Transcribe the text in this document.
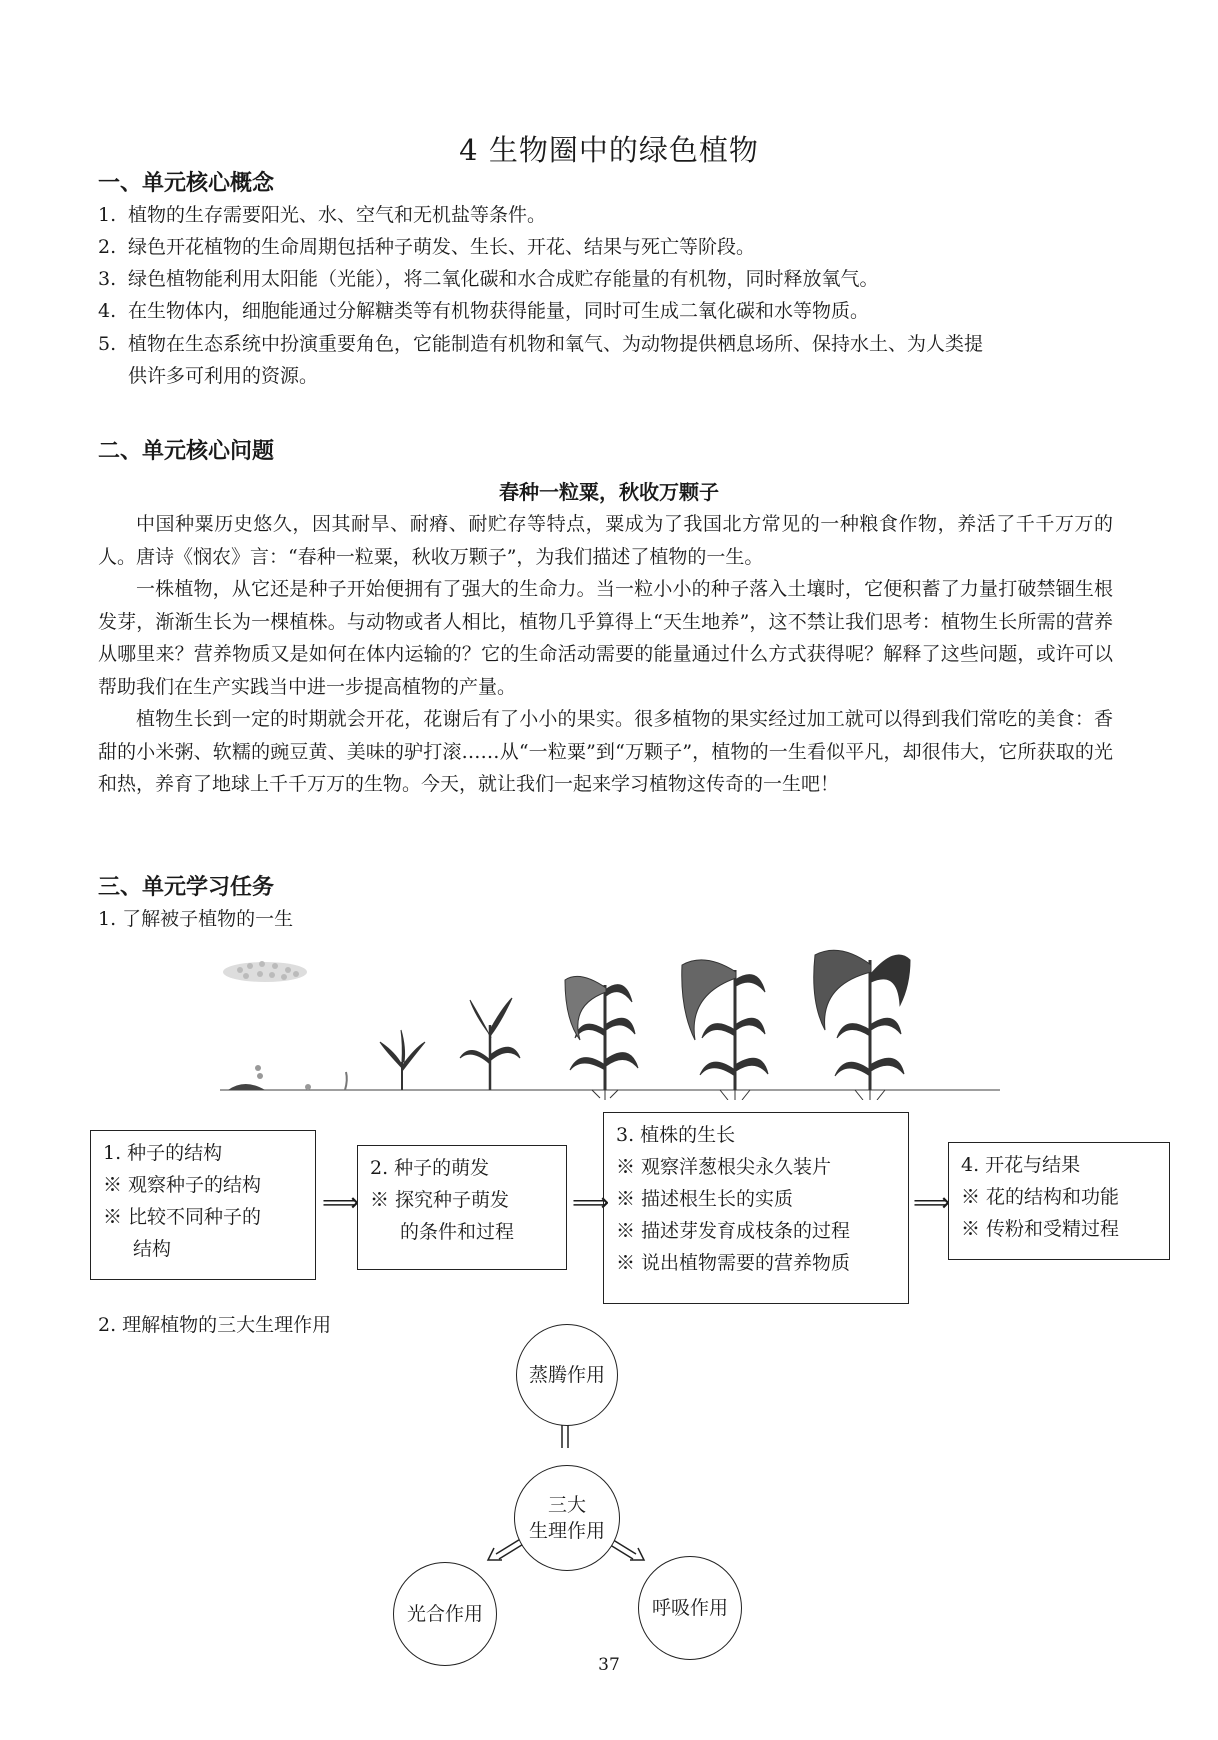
4 生物圈中的绿色植物
一、单元核心概念
1. 植物的生存需要阳光、水、空气和无机盐等条件。
2. 绿色开花植物的生命周期包括种子萌发、生长、开花、结果与死亡等阶段。
3. 绿色植物能利用太阳能（光能），将二氧化碳和水合成贮存能量的有机物，同时释放氧气。
4. 在生物体内，细胞能通过分解糖类等有机物获得能量，同时可生成二氧化碳和水等物质。
5. 植物在生态系统中扮演重要角色，它能制造有机物和氧气、为动物提供栖息场所、保持水土、为人类提
供许多可利用的资源。
二、单元核心问题
春种一粒粟，秋收万颗子
中国种粟历史悠久，因其耐旱、耐瘠、耐贮存等特点，粟成为了我国北方常见的一种粮食作物，养活了千千万万的人。唐诗《悯农》言：“春种一粒粟，秋收万颗子”，为我们描述了植物的一生。
一株植物，从它还是种子开始便拥有了强大的生命力。当一粒小小的种子落入土壤时，它便积蓄了力量打破禁锢生根发芽，渐渐生长为一棵植株。与动物或者人相比，植物几乎算得上“天生地养”，这不禁让我们思考：植物生长所需的营养从哪里来？营养物质又是如何在体内运输的？它的生命活动需要的能量通过什么方式获得呢？解释了这些问题，或许可以帮助我们在生产实践当中进一步提高植物的产量。
植物生长到一定的时期就会开花，花谢后有了小小的果实。很多植物的果实经过加工就可以得到我们常吃的美食：香甜的小米粥、软糯的豌豆黄、美味的驴打滚……从“一粒粟”到“万颗子”，植物的一生看似平凡，却很伟大，它所获取的光和热，养育了地球上千千万万的生物。今天，就让我们一起来学习植物这传奇的一生吧！
三、单元学习任务
1. 了解被子植物的一生
1. 种子的结构
※ 观察种子的结构
※ 比较不同种子的
结构
⟹
2. 种子的萌发
※ 探究种子萌发
的条件和过程
⟹
3. 植株的生长
※ 观察洋葱根尖永久装片
※ 描述根生长的实质
※ 描述芽发育成枝条的过程
※ 说出植物需要的营养物质
⟹
4. 开花与结果
※ 花的结构和功能
※ 传粉和受精过程
2. 理解植物的三大生理作用
蒸腾作用
三大
生理作用
光合作用	呼吸作用
37
